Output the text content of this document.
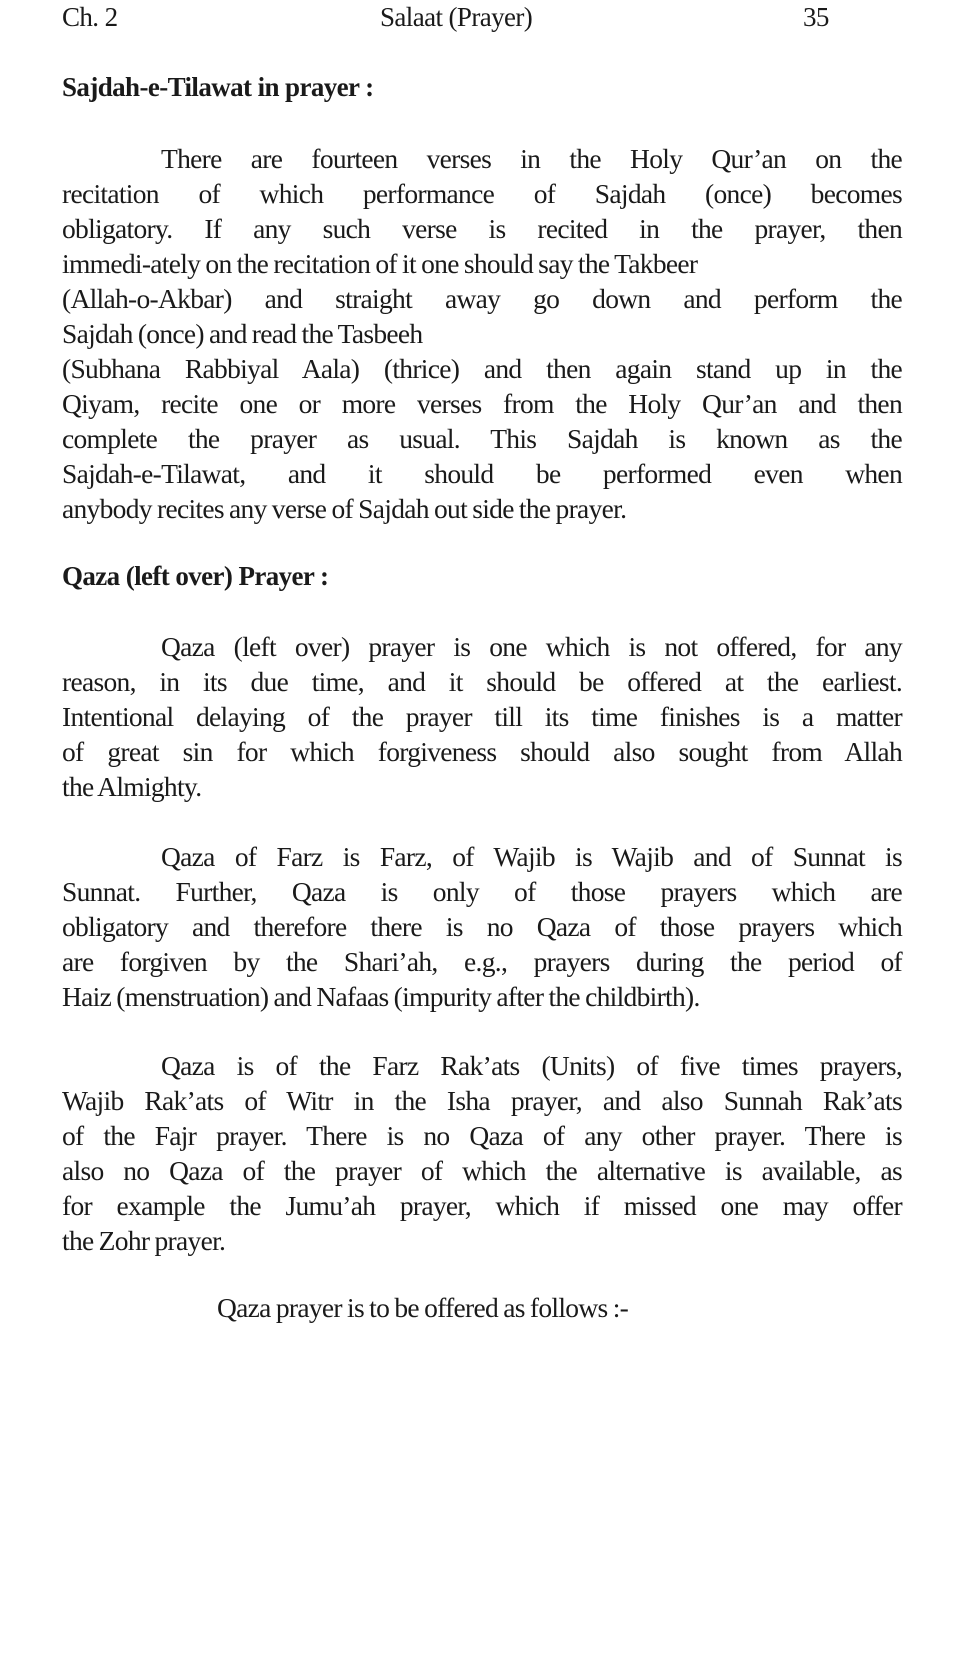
Ch. 2	Salaat (Prayer)	35
Sajdah-e-Tilawat in prayer :
There are fourteen verses in the Holy Qur’an on the
recitation of which performance of Sajdah (once) becomes
obligatory. If any such verse is recited in the prayer, then
immedi-ately on the recitation of it one should say the Takbeer
(Allah-o-Akbar) and straight away go down and perform the
Sajdah (once) and read the Tasbeeh
(Subhana Rabbiyal Aala) (thrice) and then again stand up in the
Qiyam, recite one or more verses from the Holy Qur’an and then
complete the prayer as usual. This Sajdah is known as the
Sajdah-e-Tilawat, and it should be performed even when
anybody recites any verse of Sajdah out side the prayer.
Qaza (left over) Prayer :
Qaza (left over) prayer is one which is not offered, for any
reason, in its due time, and it should be offered at the earliest.
Intentional delaying of the prayer till its time finishes is a matter
of great sin for which forgiveness should also sought from Allah
the Almighty.
Qaza of Farz is Farz, of Wajib is Wajib and of Sunnat is
Sunnat. Further, Qaza is only of those prayers which are
obligatory and therefore there is no Qaza of those prayers which
are forgiven by the Shari’ah, e.g., prayers during the period of
Haiz (menstruation) and Nafaas (impurity after the childbirth).
Qaza is of the Farz Rak’ats (Units) of five times prayers,
Wajib Rak’ats of Witr in the Isha prayer, and also Sunnah Rak’ats
of the Fajr prayer. There is no Qaza of any other prayer. There is
also no Qaza of the prayer of which the alternative is available, as
for example the Jumu’ah prayer, which if missed one may offer
the Zohr prayer.
Qaza prayer is to be offered as follows :-
